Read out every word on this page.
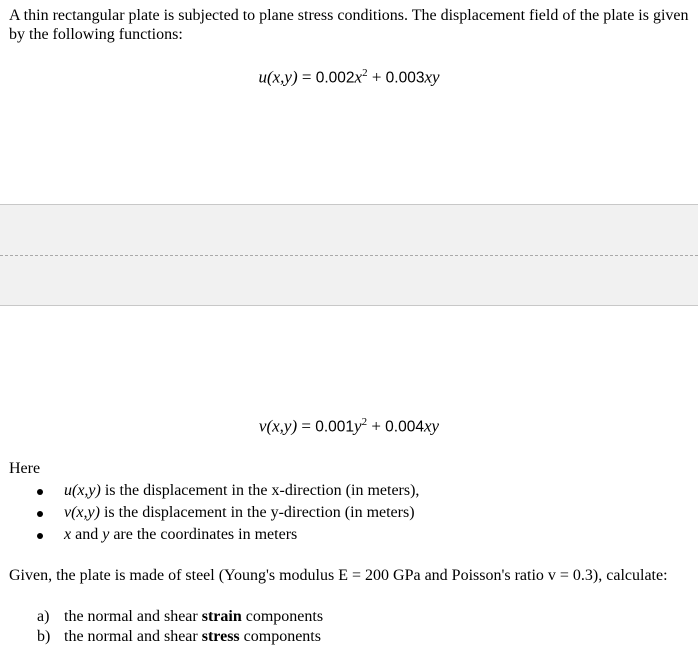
A thin rectangular plate is subjected to plane stress conditions. The displacement field of the plate is given by the following functions:

$u(x,y) = 0.002x^2 + 0.003xy$
$v(x,y) = 0.001y^2 + 0.004xy$

Here

u(x,y) is the displacement in the x-direction (in meters),
v(x,y) is the displacement in the y-direction (in meters)
x and y are the coordinates in meters

Given, the plate is made of steel (Young's modulus E = 200 GPa and Poisson's ratio v = 0.3), calculate:

a) the normal and shear strain components
b) the normal and shear stress components
